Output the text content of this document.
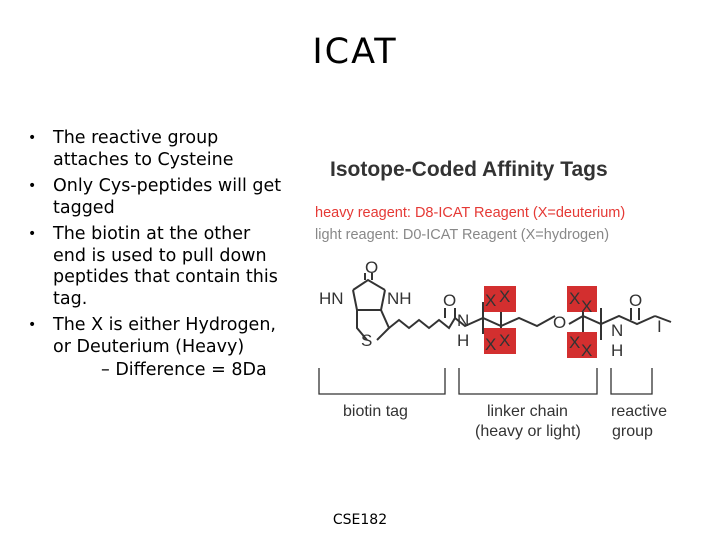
ICAT
• The reactive group attaches to Cysteine
• Only Cys-peptides will get tagged
• The biotin at the other end is used to pull down peptides that contain this tag.
• The X is either Hydrogen, or Deuterium (Heavy)
– Difference = 8Da
Isotope-Coded Affinity Tags
heavy reagent: D8-ICAT Reagent (X=deuterium)
light reagent: D0-ICAT Reagent (X=hydrogen)
O
HN	NH
S
O
N
H
O
O
N
H
I
X X
X X
X X
X X
biotin tag	linker chain
(heavy or light)
reactive
group
CSE182
